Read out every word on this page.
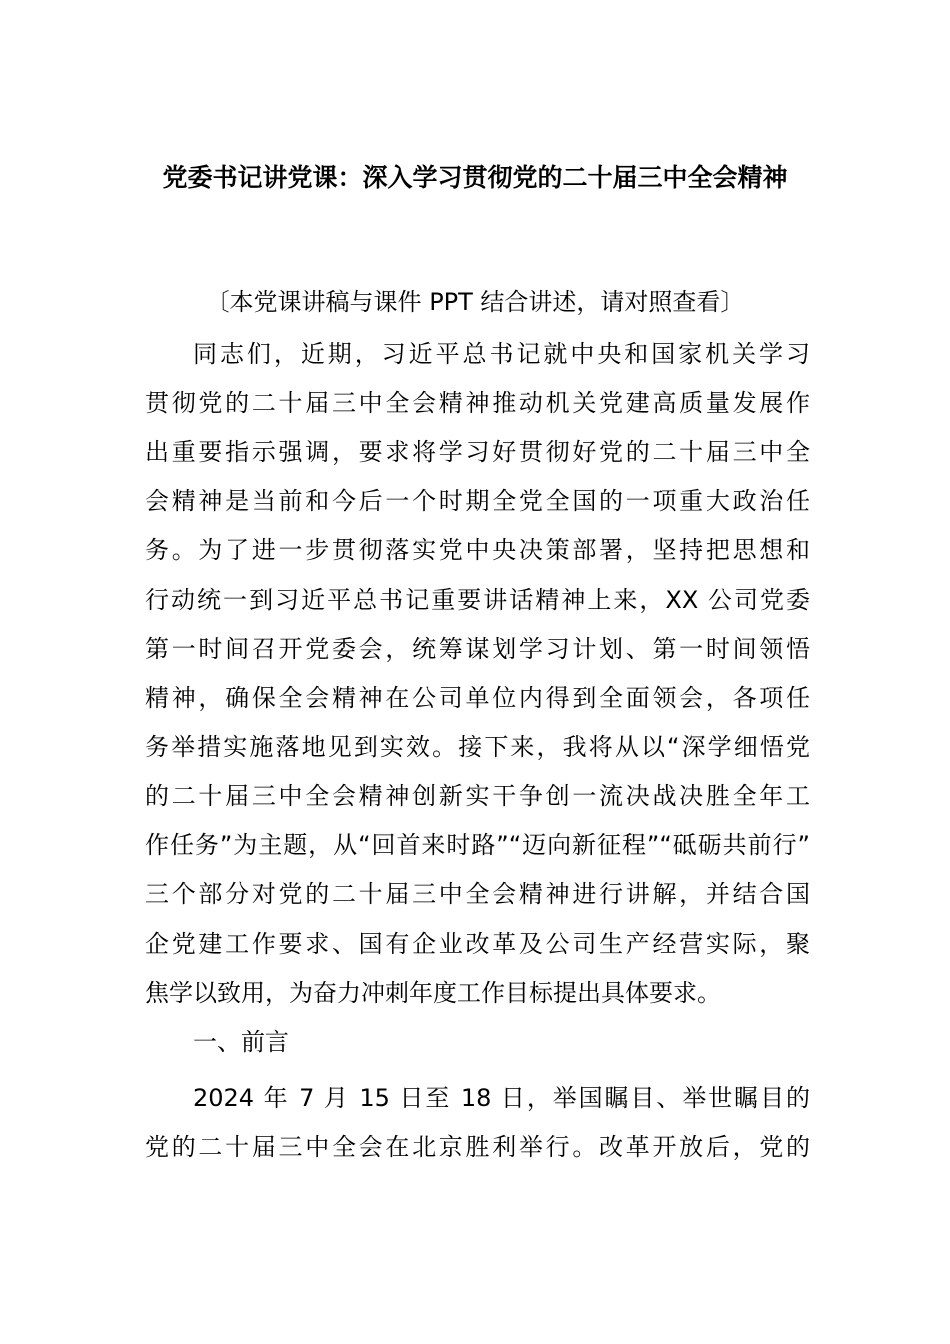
党委书记讲党课：深入学习贯彻党的二十届三中全会精神
〔本党课讲稿与课件 PPT 结合讲述，请对照查看〕
同志们，近期，习近平总书记就中央和国家机关学习
贯彻党的二十届三中全会精神推动机关党建高质量发展作
出重要指示强调，要求将学习好贯彻好党的二十届三中全
会精神是当前和今后一个时期全党全国的一项重大政治任
务。为了进一步贯彻落实党中央决策部署，坚持把思想和
行动统一到习近平总书记重要讲话精神上来，XX 公司党委
第一时间召开党委会，统筹谋划学习计划、第一时间领悟
精神，确保全会精神在公司单位内得到全面领会，各项任
务举措实施落地见到实效。接下来，我将从以“深学细悟党
的二十届三中全会精神创新实干争创一流决战决胜全年工
作任务”为主题，从“回首来时路”“迈向新征程”“砥砺共前行”
三个部分对党的二十届三中全会精神进行讲解，并结合国
企党建工作要求、国有企业改革及公司生产经营实际，聚
焦学以致用，为奋力冲刺年度工作目标提出具体要求。
一、前言
2024 年 7 月 15 日至 18 日，举国瞩目、举世瞩目的
党的二十届三中全会在北京胜利举行。改革开放后，党的
